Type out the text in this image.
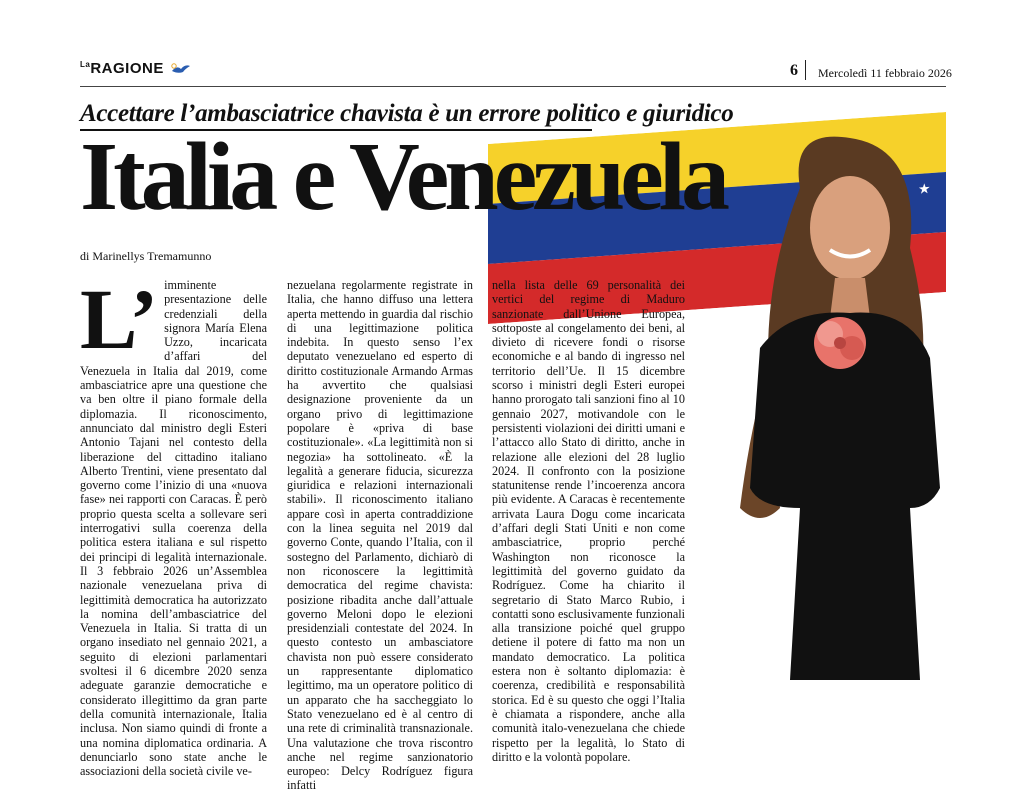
$^{La}$RAGIONE	6 Mercoledì 11 febbraio 2026
Accettare l’ambasciatrice chavista è un errore politico e giuridico
★
Italia e Venezuela
di Marinellys Tremamunno
L’ imminente presentazione delle credenziali della signora María Elena Uzzo, incaricata d’affari del Venezuela in Italia dal 2019, come ambasciatrice apre una questione che va ben oltre il piano formale della diplomazia. Il riconoscimento, annunciato dal ministro degli Esteri Antonio Tajani nel contesto della liberazione del cittadino italiano Alberto Trentini, viene presentato dal governo come l’inizio di una «nuova fase» nei rapporti con Caracas. È però proprio questa scelta a sollevare seri interrogativi sulla coerenza della politica estera italiana e sul rispetto dei principi di legalità internazionale. Il 3 febbraio 2026 un’Assemblea nazionale venezuelana priva di legittimità democratica ha autorizzato la nomina dell’ambasciatrice del Venezuela in Italia. Si tratta di un organo insediato nel gennaio 2021, a seguito di elezioni parlamentari svoltesi il 6 dicembre 2020 senza adeguate garanzie democratiche e considerato illegittimo da gran parte della comunità internazionale, Italia inclusa. Non siamo quindi di fronte a una nomina diplomatica ordinaria. A denunciarlo sono state anche le associazioni della società civile ve-

nezuelana regolarmente registrate in Italia, che hanno diffuso una lettera aperta mettendo in guardia dal rischio di una legittimazione politica indebita. In questo senso l’ex deputato venezuelano ed esperto di diritto costituzionale Armando Armas ha avvertito che qualsiasi designazione proveniente da un organo privo di legittimazione popolare è «priva di base costituzionale». «La legittimità non si negozia» ha sottolineato. «È la legalità a generare fiducia, sicurezza giuridica e relazioni internazionali stabili». Il riconoscimento italiano appare così in aperta contraddizione con la linea seguita nel 2019 dal governo Conte, quando l’Italia, con il sostegno del Parlamento, dichiarò di non riconoscere la legittimità democratica del regime chavista: posizione ribadita anche dall’attuale governo Meloni dopo le elezioni presidenziali contestate del 2024. In questo contesto un ambasciatore chavista non può essere considerato un rappresentante diplomatico legittimo, ma un operatore politico di un apparato che ha saccheggiato lo Stato venezuelano ed è al centro di una rete di criminalità transnazionale. Una valutazione che trova riscontro anche nel regime sanzionatorio europeo: Delcy Rodríguez figura infatti

nella lista delle 69 personalità dei vertici del regime di Maduro sanzionate dall’Unione Europea, sottoposte al congelamento dei beni, al divieto di ricevere fondi o risorse economiche e al bando di ingresso nel territorio dell’Ue. Il 15 dicembre scorso i ministri degli Esteri europei hanno prorogato tali sanzioni fino al 10 gennaio 2027, motivandole con le persistenti violazioni dei diritti umani e l’attacco allo Stato di diritto, anche in relazione alle elezioni del 28 luglio 2024. Il confronto con la posizione statunitense rende l’incoerenza ancora più evidente. A Caracas è recentemente arrivata Laura Dogu come incaricata d’affari degli Stati Uniti e non come ambasciatrice, proprio perché Washington non riconosce la legittimità del governo guidato da Rodríguez. Come ha chiarito il segretario di Stato Marco Rubio, i contatti sono esclusivamente funzionali alla transizione poiché quel gruppo detiene il potere di fatto ma non un mandato democratico. La politica estera non è soltanto diplomazia: è coerenza, credibilità e responsabilità storica. Ed è su questo che oggi l’Italia è chiamata a rispondere, anche alla comunità italo-venezuelana che chiede rispetto per la legalità, lo Stato di diritto e la volontà popolare.
